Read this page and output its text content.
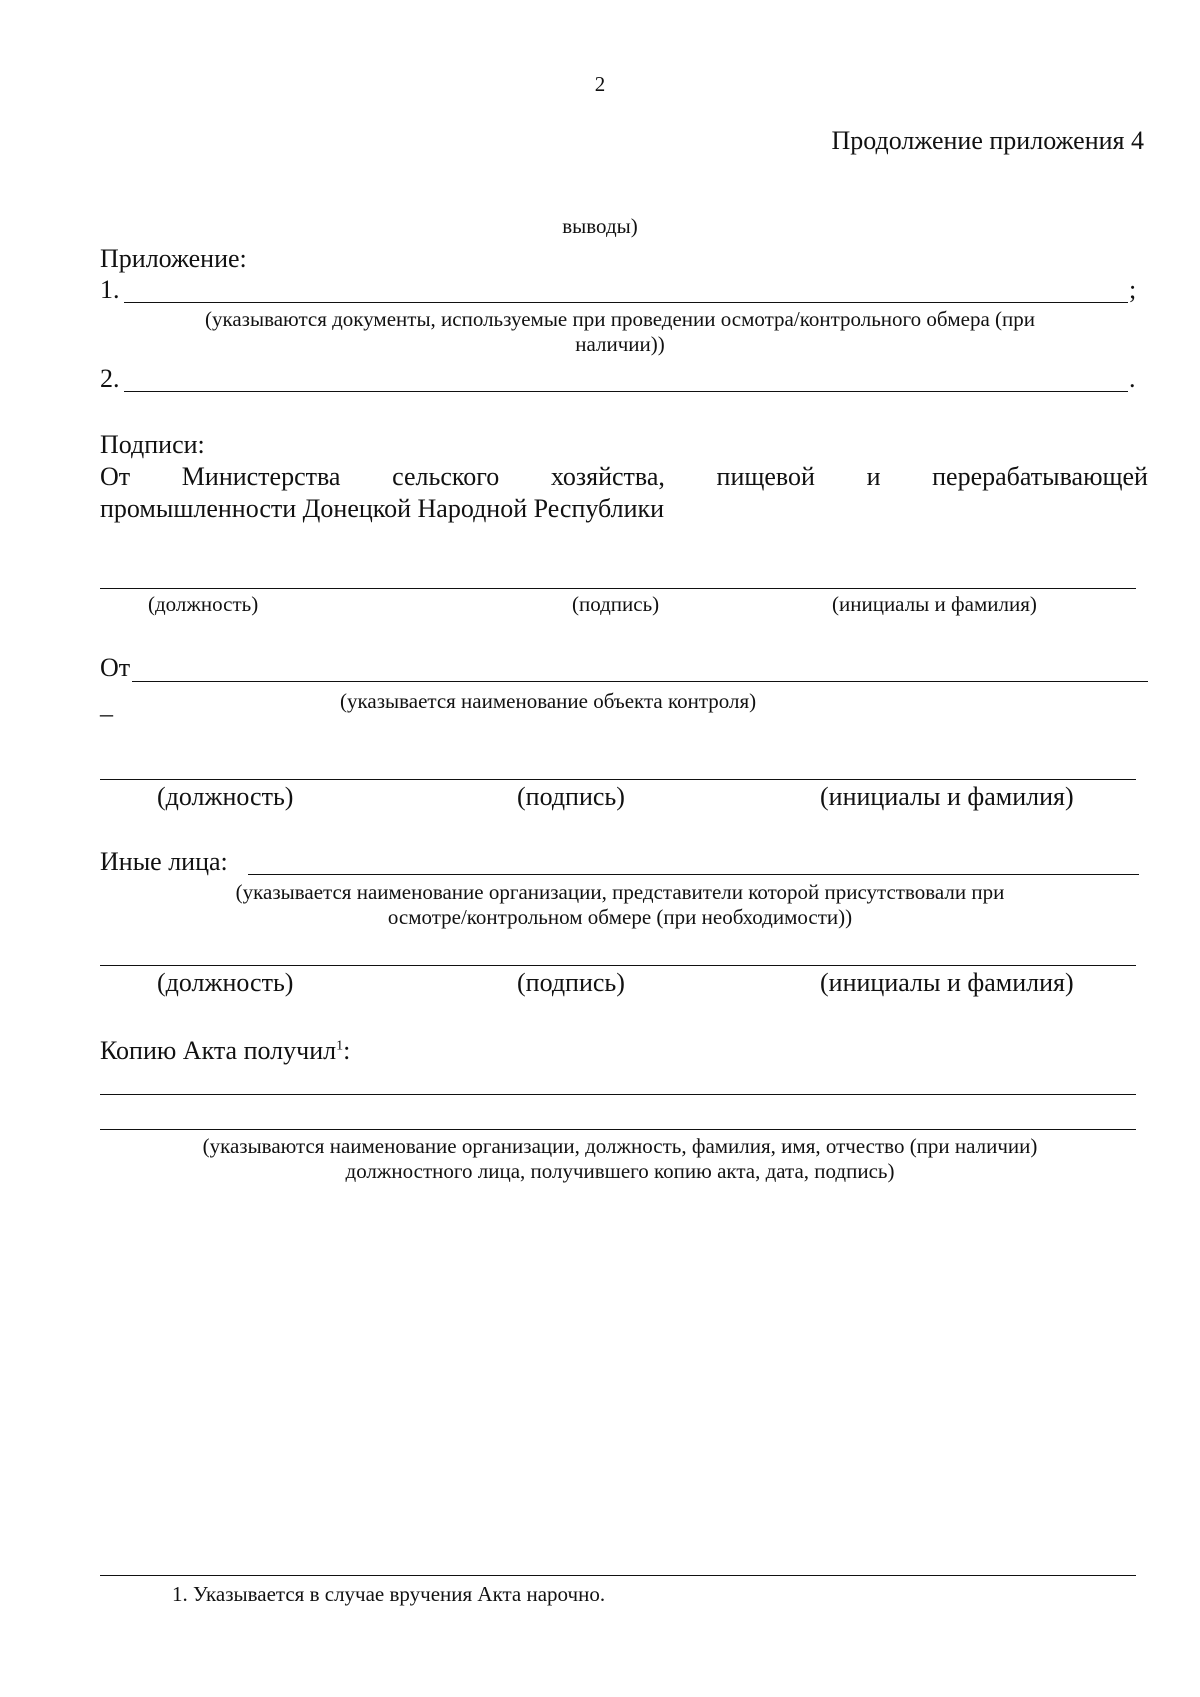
2
Продолжение приложения 4
выводы)
Приложение:
1.	;
(указываются документы, используемые при проведении осмотра/контрольного обмера (при
наличии))
2.	.
Подписи:
От Министерства сельского хозяйства, пищевой и перерабатывающей
промышленности Донецкой Народной Республики
(должность)	(подпись)	(инициалы и фамилия)
От
_	(указывается наименование объекта контроля)
(должность)	(подпись)	(инициалы и фамилия)
Иные лица:
(указывается наименование организации, представители которой присутствовали при
осмотре/контрольном обмере (при необходимости))
(должность)	(подпись)	(инициалы и фамилия)
Копию Акта получил$^1$:
(указываются наименование организации, должность, фамилия, имя, отчество (при наличии)
должностного лица, получившего копию акта, дата, подпись)
1. Указывается в случае вручения Акта нарочно.
